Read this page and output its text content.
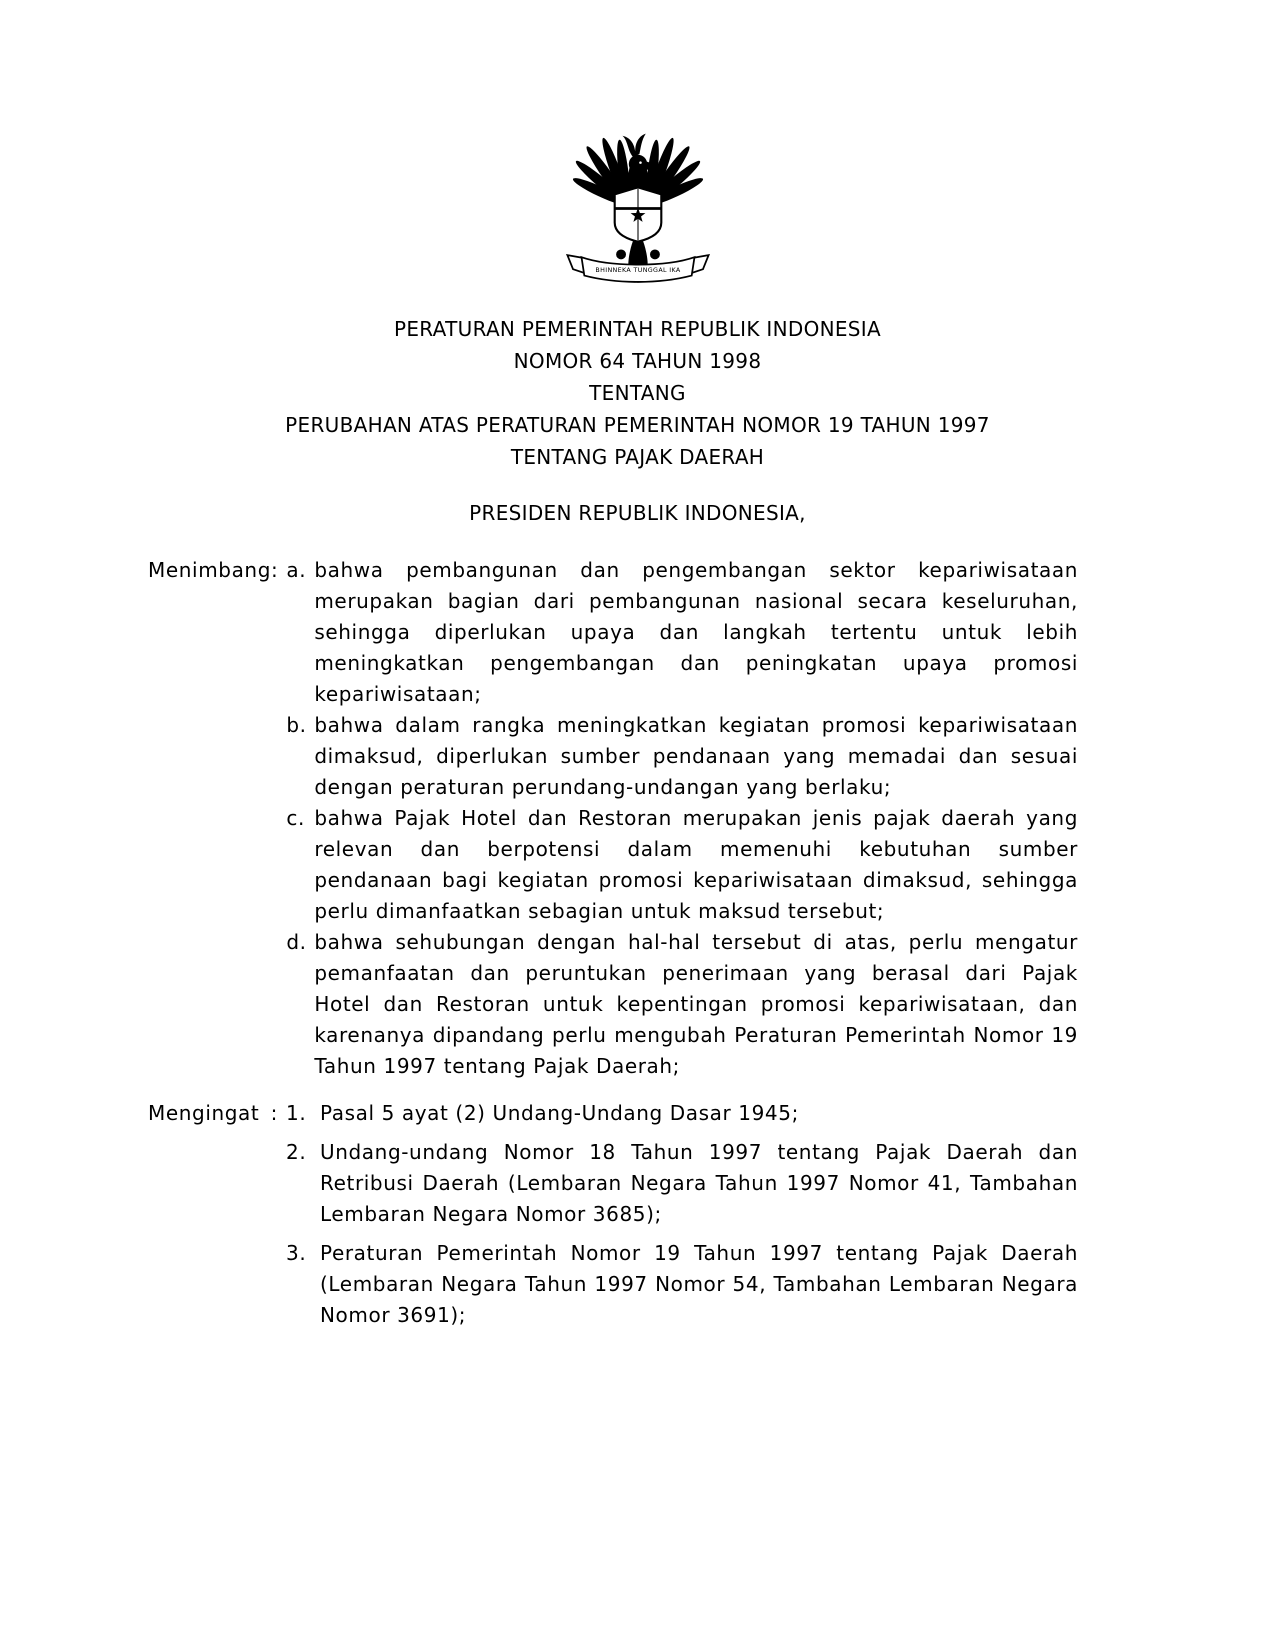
BHINNEKA TUNGGAL IKA
PERATURAN PEMERINTAH REPUBLIK INDONESIA
NOMOR 64 TAHUN 1998
TENTANG
PERUBAHAN ATAS PERATURAN PEMERINTAH NOMOR 19 TAHUN 1997
TENTANG PAJAK DAERAH
PRESIDEN REPUBLIK INDONESIA,
Menimbang : a. bahwa pembangunan dan pengembangan sektor kepariwisataan merupakan bagian dari pembangunan nasional secara keseluruhan, sehingga diperlukan upaya dan langkah tertentu untuk lebih meningkatkan pengembangan dan peningkatan upaya promosi kepariwisataan;
b. bahwa dalam rangka meningkatkan kegiatan promosi kepariwisataan dimaksud, diperlukan sumber pendanaan yang memadai dan sesuai dengan peraturan perundang-undangan yang berlaku;
c. bahwa Pajak Hotel dan Restoran merupakan jenis pajak daerah yang relevan dan berpotensi dalam memenuhi kebutuhan sumber pendanaan bagi kegiatan promosi kepariwisataan dimaksud, sehingga perlu dimanfaatkan sebagian untuk maksud tersebut;
d. bahwa sehubungan dengan hal-hal tersebut di atas, perlu mengatur pemanfaatan dan peruntukan penerimaan yang berasal dari Pajak Hotel dan Restoran untuk kepentingan promosi kepariwisataan, dan karenanya dipandang perlu mengubah Peraturan Pemerintah Nomor 19 Tahun 1997 tentang Pajak Daerah;
Mengingat : 1. Pasal 5 ayat (2) Undang-Undang Dasar 1945;
2. Undang-undang Nomor 18 Tahun 1997 tentang Pajak Daerah dan Retribusi Daerah (Lembaran Negara Tahun 1997 Nomor 41, Tambahan Lembaran Negara Nomor 3685);
3. Peraturan Pemerintah Nomor 19 Tahun 1997 tentang Pajak Daerah (Lembaran Negara Tahun 1997 Nomor 54, Tambahan Lembaran Negara Nomor 3691);
